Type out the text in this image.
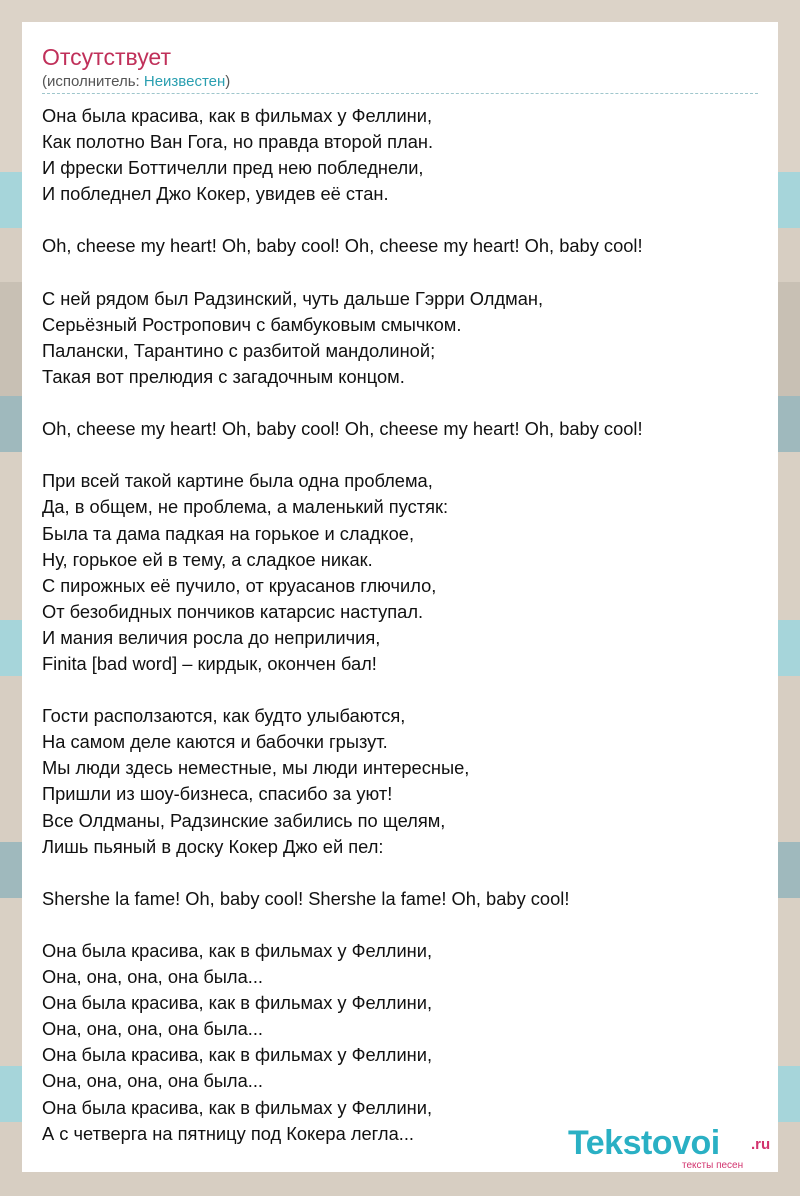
Отсутствует
(исполнитель: Неизвестен)
Она была красива, как в фильмах у Феллини,
Как полотно Ван Гога, но правда второй план.
И фрески Боттичелли пред нею побледнели,
И побледнел Джо Кокер, увидев её стан.
Oh, cheese my heart! Oh, baby cool! Oh, cheese my heart! Oh, baby cool!
С ней рядом был Радзинский, чуть дальше Гэрри Олдман,
Серьёзный Ростропович с бамбуковым смычком.
Палански, Тарантино с разбитой мандолиной;
Такая вот прелюдия с загадочным концом.
Oh, cheese my heart! Oh, baby cool! Oh, cheese my heart! Oh, baby cool!
При всей такой картине была одна проблема,
Да, в общем, не проблема, а маленький пустяк:
Была та дама падкая на горькое и сладкое,
Ну, горькое ей в тему, а сладкое никак.
С пирожных её пучило, от круасанов глючило,
От безобидных пончиков катарсис наступал.
И мания величия росла до неприличия,
Finita [bad word] – кирдык, окончен бал!
Гости расползаются, как будто улыбаются,
На самом деле каются и бабочки грызут.
Мы люди здесь неместные, мы люди интересные,
Пришли из шоу-бизнеса, спасибо за уют!
Все Олдманы, Радзинские забились по щелям,
Лишь пьяный в доску Кокер Джо ей пел:
Shershe la fame! Oh, baby cool! Shershe la fame! Oh, baby cool!
Она была красива, как в фильмах у Феллини,
Она, она, она, она была...
Она была красива, как в фильмах у Феллини,
Она, она, она, она была...
Она была красива, как в фильмах у Феллини,
Она, она, она, она была...
Она была красива, как в фильмах у Феллини,
А с четверга на пятницу под Кокера легла...	Tekstovoi .ru
тексты песен
